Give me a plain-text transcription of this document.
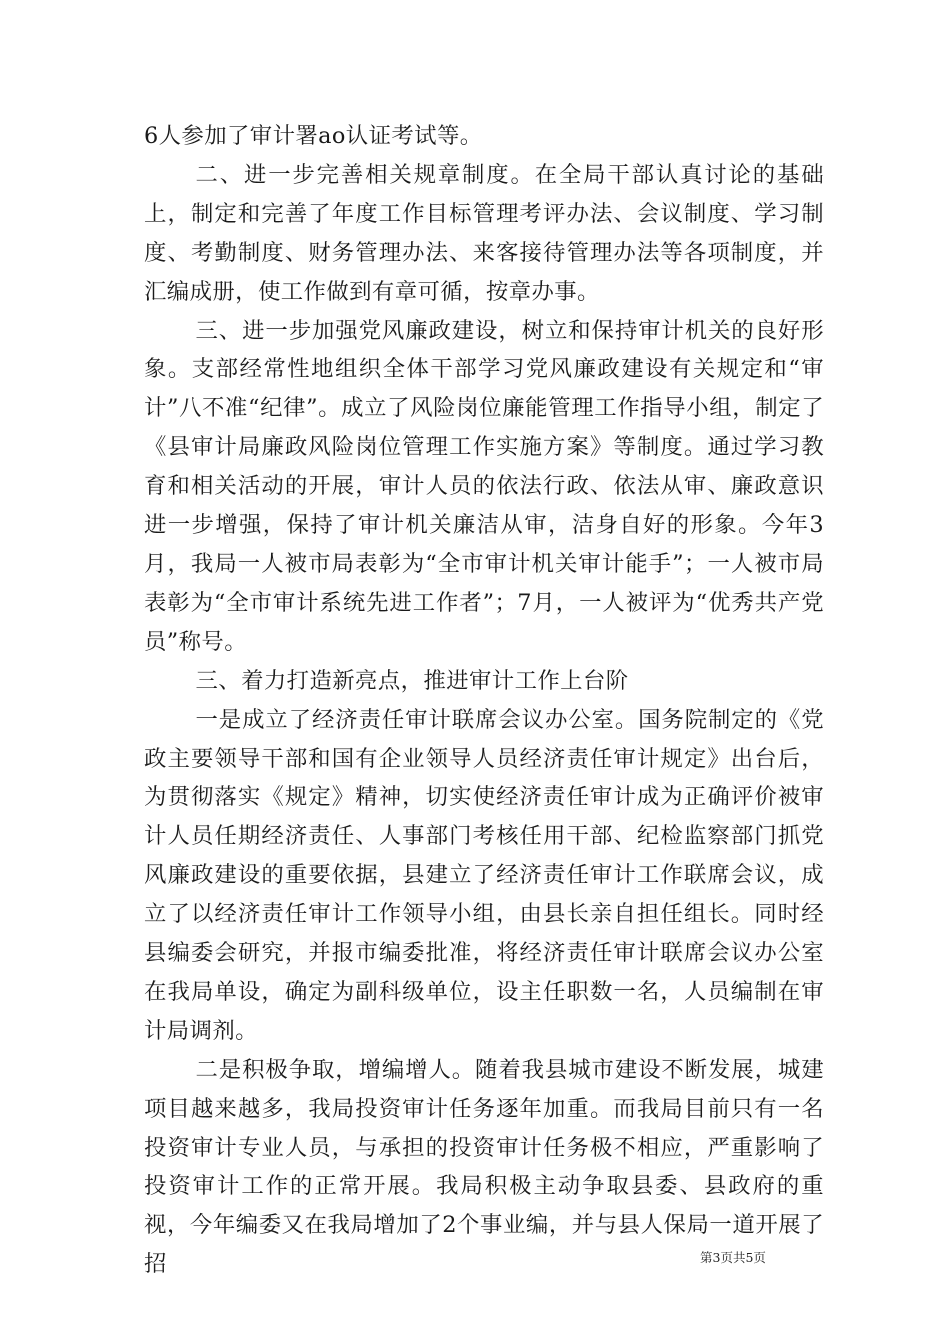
6人参加了审计署ao认证考试等。

二、进一步完善相关规章制度。在全局干部认真讨论的基础上，制定和完善了年度工作目标管理考评办法、会议制度、学习制度、考勤制度、财务管理办法、来客接待管理办法等各项制度，并汇编成册，使工作做到有章可循，按章办事。

三、进一步加强党风廉政建设，树立和保持审计机关的良好形象。支部经常性地组织全体干部学习党风廉政建设有关规定和“审计”八不准“纪律”。成立了风险岗位廉能管理工作指导小组，制定了《县审计局廉政风险岗位管理工作实施方案》等制度。通过学习教育和相关活动的开展，审计人员的依法行政、依法从审、廉政意识进一步增强，保持了审计机关廉洁从审，洁身自好的形象。今年3月，我局一人被市局表彰为“全市审计机关审计能手”；一人被市局表彰为“全市审计系统先进工作者”；7月，一人被评为“优秀共产党员”称号。

三、着力打造新亮点，推进审计工作上台阶

一是成立了经济责任审计联席会议办公室。国务院制定的《党政主要领导干部和国有企业领导人员经济责任审计规定》出台后，为贯彻落实《规定》精神，切实使经济责任审计成为正确评价被审计人员任期经济责任、人事部门考核任用干部、纪检监察部门抓党风廉政建设的重要依据，县建立了经济责任审计工作联席会议，成立了以经济责任审计工作领导小组，由县长亲自担任组长。同时经县编委会研究，并报市编委批准，将经济责任审计联席会议办公室在我局单设，确定为副科级单位，设主任职数一名，人员编制在审计局调剂。

二是积极争取，增编增人。随着我县城市建设不断发展，城建项目越来越多，我局投资审计任务逐年加重。而我局目前只有一名投资审计专业人员，与承担的投资审计任务极不相应，严重影响了投资审计工作的正常开展。我局积极主动争取县委、县政府的重视，今年编委又在我局增加了2个事业编，并与县人保局一道开展了招	第3页共5页
